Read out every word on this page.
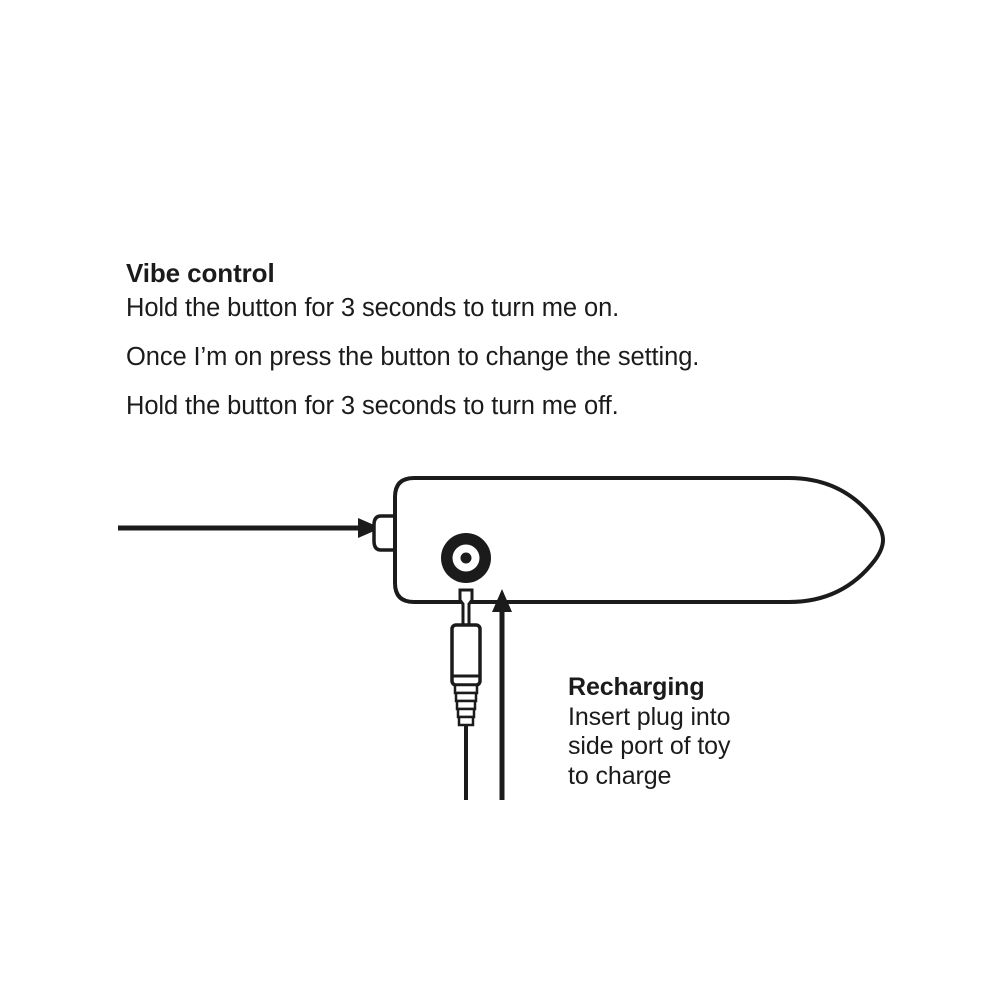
Vibe control
Hold the button for 3 seconds to turn me on.
Once I’m on press the button to change the setting.
Hold the button for 3 seconds to turn me off.
Recharging
Insert plug into
side port of toy
to charge
